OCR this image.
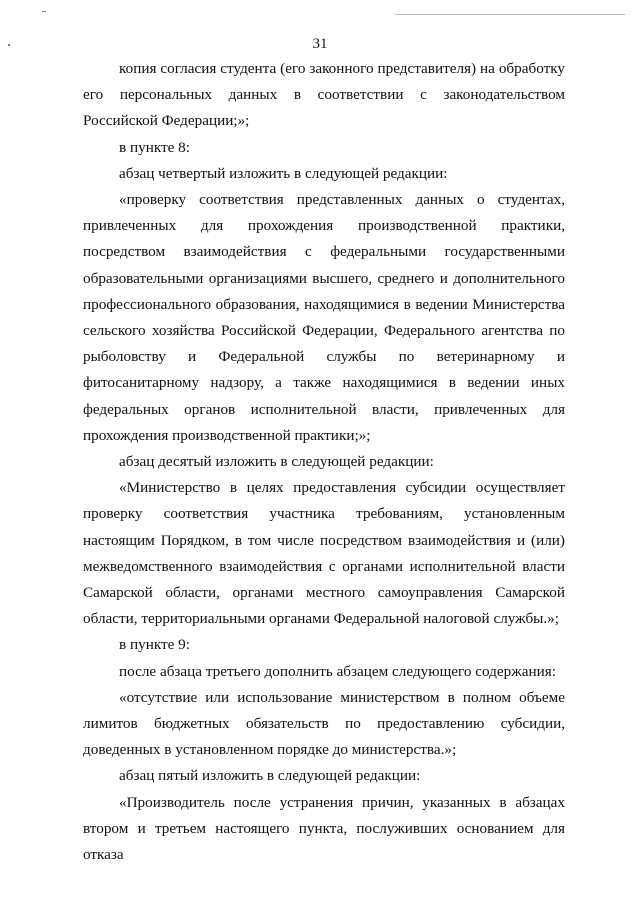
31

копия согласия студента (его законного представителя) на обработку его персональных данных в соответствии с законодательством Российской Федерации;»;

в пункте 8:

абзац четвертый изложить в следующей редакции:

«проверку соответствия представленных данных о студентах, привлеченных для прохождения производственной практики, посредством взаимодействия с федеральными государственными образовательными организациями высшего, среднего и дополнительного профессионального образования, находящимися в ведении Министерства сельского хозяйства Российской Федерации, Федерального агентства по рыболовству и Федеральной службы по ветеринарному и фитосанитарному надзору, а также находящимися в ведении иных федеральных органов исполнительной власти, привлеченных для прохождения производственной практики;»;

абзац десятый изложить в следующей редакции:

«Министерство в целях предоставления субсидии осуществляет проверку соответствия участника требованиям, установленным настоящим Порядком, в том числе посредством взаимодействия и (или) межведомственного взаимодействия с органами исполнительной власти Самарской области, органами местного самоуправления Самарской области, территориальными органами Федеральной налоговой службы.»;

в пункте 9:

после абзаца третьего дополнить абзацем следующего содержания:

«отсутствие или использование министерством в полном объеме лимитов бюджетных обязательств по предоставлению субсидии, доведенных в установленном порядке до министерства.»;

абзац пятый изложить в следующей редакции:

«Производитель после устранения причин, указанных в абзацах втором и третьем настоящего пункта, послуживших основанием для отказа
